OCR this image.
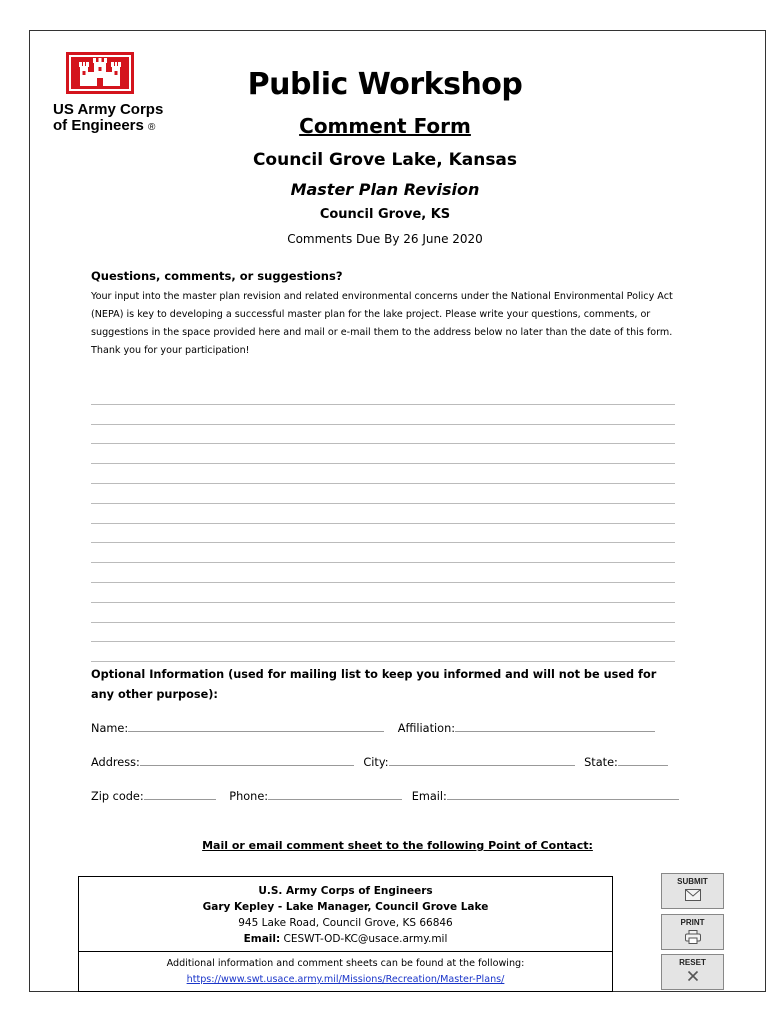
US Army Corps
of Engineers ®
Public Workshop
Comment Form
Council Grove Lake, Kansas
Master Plan Revision
Council Grove, KS
Comments Due By 26 June 2020
Questions, comments, or suggestions?
Your input into the master plan revision and related environmental concerns under the National Environmental Policy Act (NEPA) is key to developing a successful master plan for the lake project. Please write your questions, comments, or suggestions in the space provided here and mail or e-mail them to the address below no later than the date of this form. Thank you for your participation!
Optional Information (used for mailing list to keep you informed and will not be used for any other purpose):
Name:	Affiliation:
Address:	City:	State:
Zip code:	Phone:	Email:
Mail or email comment sheet to the following Point of Contact:
U.S. Army Corps of Engineers
Gary Kepley - Lake Manager, Council Grove Lake
945 Lake Road, Council Grove, KS 66846
Email: CESWT-OD-KC@usace.army.mil
Additional information and comment sheets can be found at the following:
https://www.swt.usace.army.mil/Missions/Recreation/Master-Plans/
SUBMIT
PRINT
RESET
